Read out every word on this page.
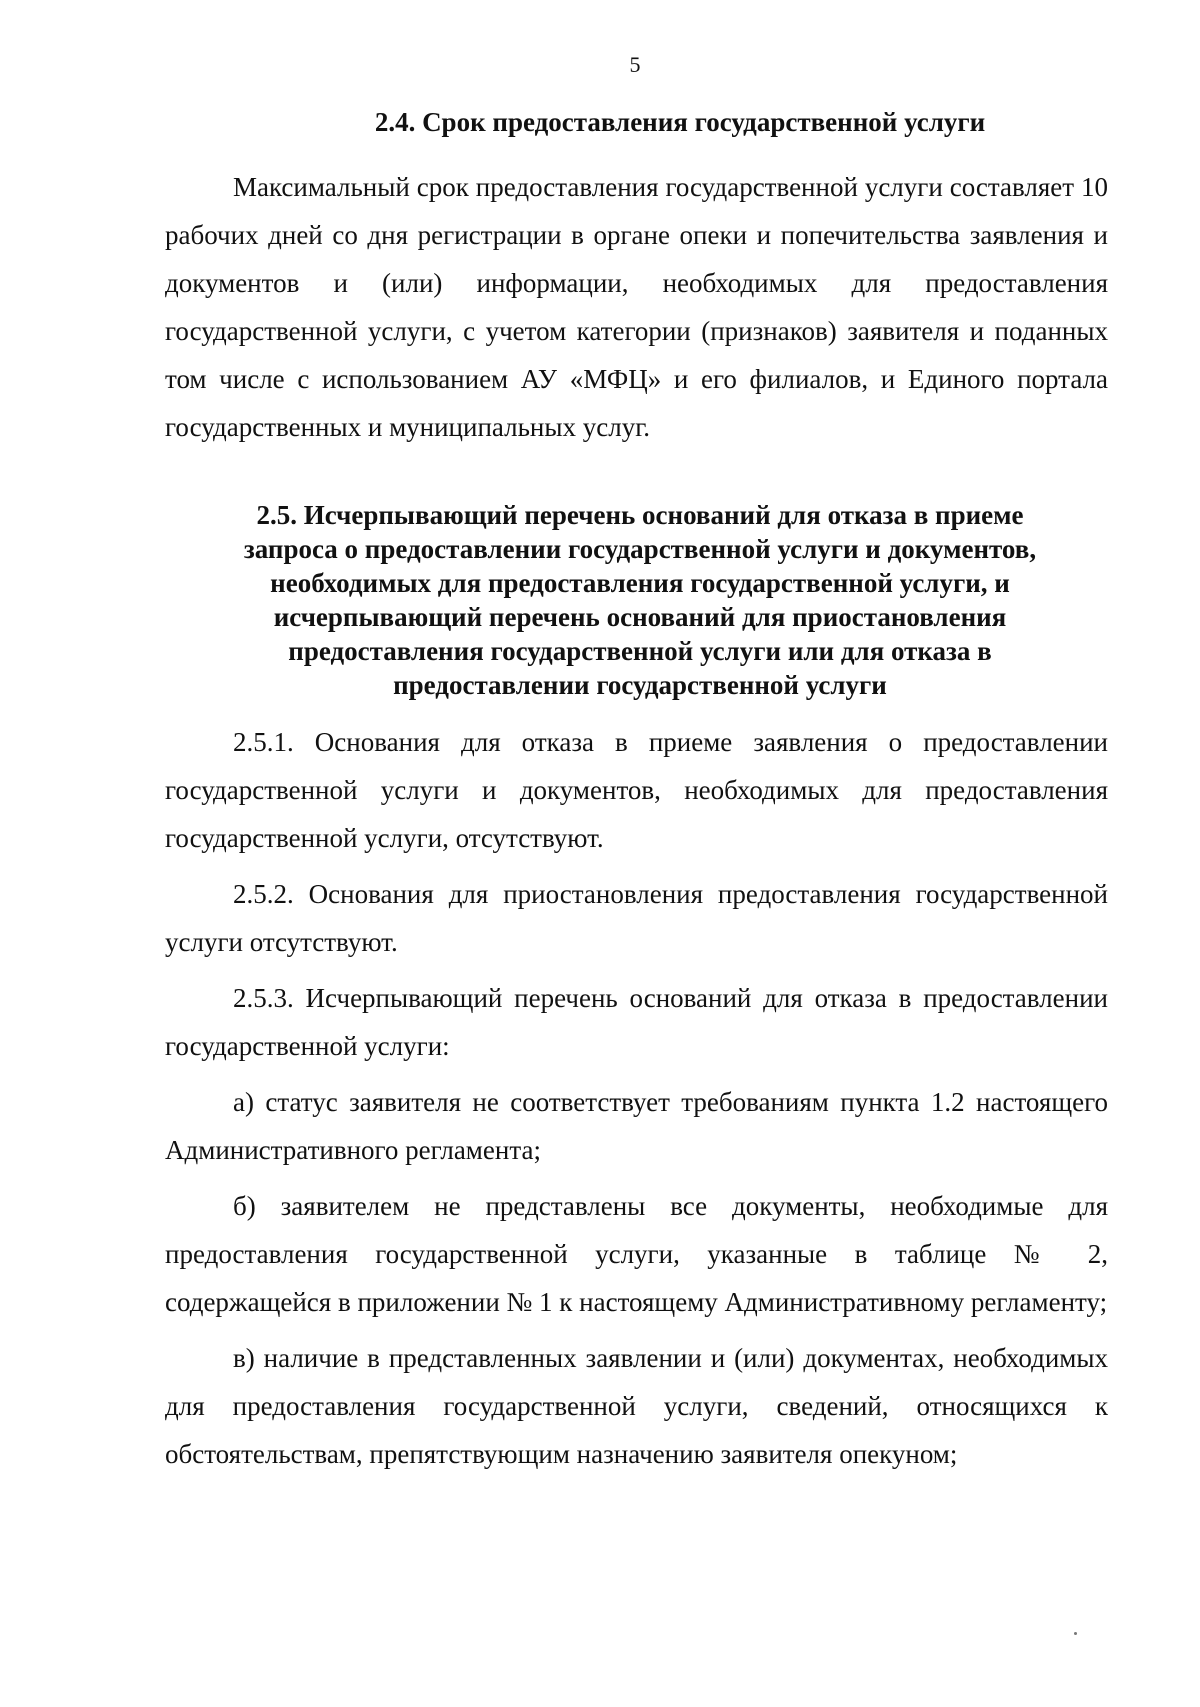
5
2.4. Срок предоставления государственной услуги

Максимальный срок предоставления государственной услуги составляет 10 рабочих дней со дня регистрации в органе опеки и попечительства заявления и документов и (или) информации, необходимых для предоставления государственной услуги, с учетом категории (признаков) заявителя и поданных том числе с использованием АУ «МФЦ» и его филиалов, и Единого портала государственных и муниципальных услуг.

2.5. Исчерпывающий перечень оснований для отказа в приеме
запроса о предоставлении государственной услуги и документов,
необходимых для предоставления государственной услуги, и
исчерпывающий перечень оснований для приостановления
предоставления государственной услуги или для отказа в
предоставлении государственной услуги

2.5.1. Основания для отказа в приеме заявления о предоставлении государственной услуги и документов, необходимых для предоставления государственной услуги, отсутствуют.

2.5.2. Основания для приостановления предоставления государственной услуги отсутствуют.

2.5.3. Исчерпывающий перечень оснований для отказа в предоставлении государственной услуги:

а) статус заявителя не соответствует требованиям пункта 1.2 настоящего Административного регламента;

б) заявителем не представлены все документы, необходимые для предоставления государственной услуги, указанные в таблице № 2, содержащейся в приложении № 1 к настоящему Административному регламенту;

в) наличие в представленных заявлении и (или) документах, необходимых для предоставления государственной услуги, сведений, относящихся к обстоятельствам, препятствующим назначению заявителя опекуном;
